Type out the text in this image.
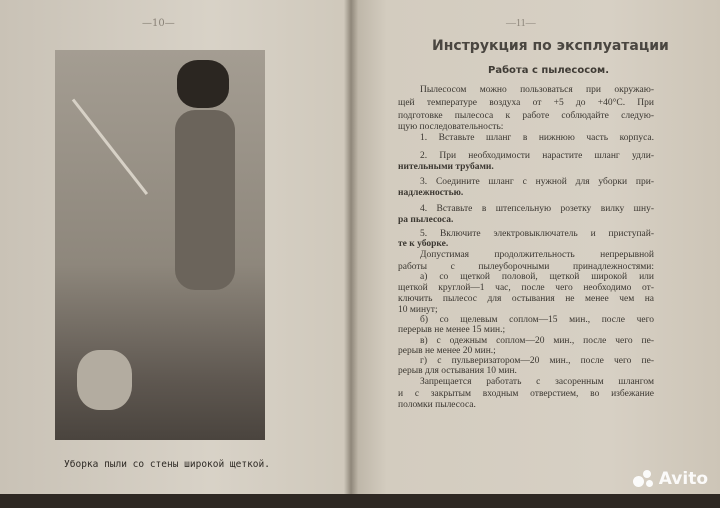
—10—
Уборка пыли со стены широкой щеткой.
—11—
Инструкция по эксплуатации
Работа с пылесосом.
Пылесосом можно пользоваться при окружаю-
щей температуре воздуха от +5 до +40°С. При
подготовке пылесоса к работе соблюдайте следую-
щую последовательность:
1. Вставьте шланг в нижнюю часть корпуса.
2. При необходимости нарастите шланг удли-
нительными трубами.
3. Соедините шланг с нужной для уборки при-
надлежностью.
4. Вставьте в штепсельную розетку вилку шну-
ра пылесоса.
5. Включите электровыключатель и приступай-
те к уборке.
Допустимая продолжительность непрерывной
работы с пылеуборочными принадлежностями:
а) со щеткой половой, щеткой широкой или
щеткой круглой—1 час, после чего необходимо от-
ключить пылесос для остывания не менее чем на
10 минут;
б) со щелевым соплом—15 мин., после чего
перерыв не менее 15 мин.;
в) с одежным соплом—20 мин., после чего пе-
рерыв не менее 20 мин.;
г) с пульверизатором—20 мин., после чего пе-
рерыв для остывания 10 мин.
Запрещается работать с засоренным шлангом
и с закрытым входным отверстием, во избежание
поломки пылесоса.
Avito
